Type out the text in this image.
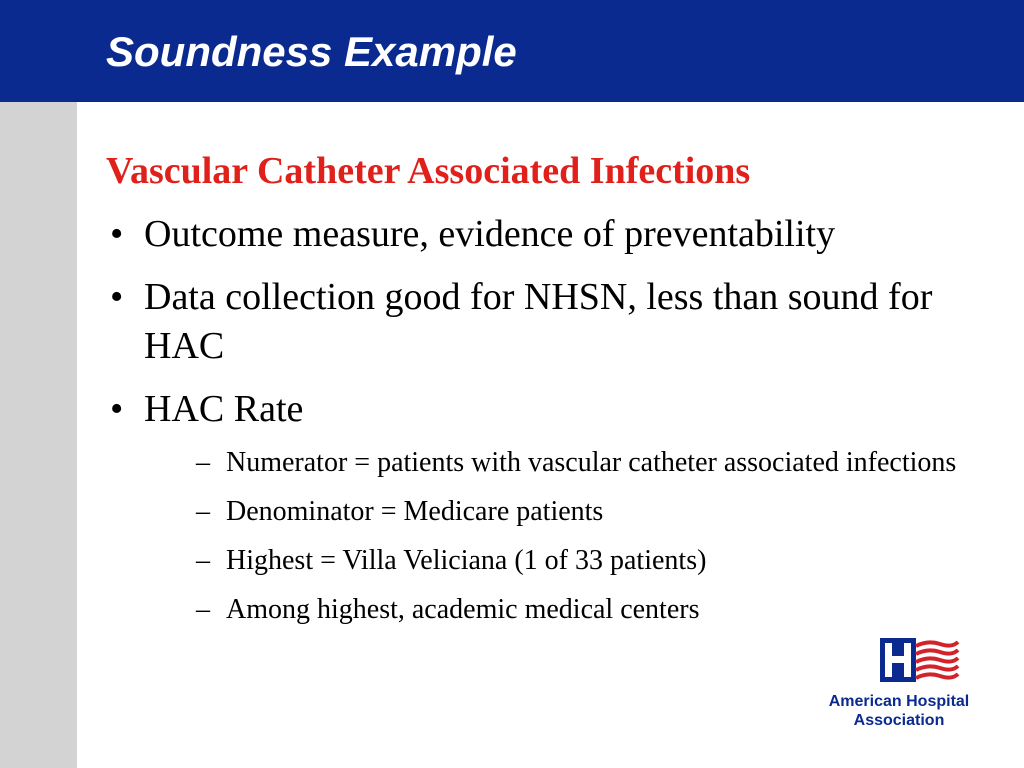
Soundness Example
Vascular Catheter Associated Infections
• Outcome measure, evidence of preventability
• Data collection good for NHSN, less than sound for HAC
• HAC Rate
– Numerator = patients with vascular catheter associated infections
– Denominator = Medicare patients
– Highest = Villa Veliciana (1 of 33 patients)
– Among highest, academic medical centers
American Hospital
Association
